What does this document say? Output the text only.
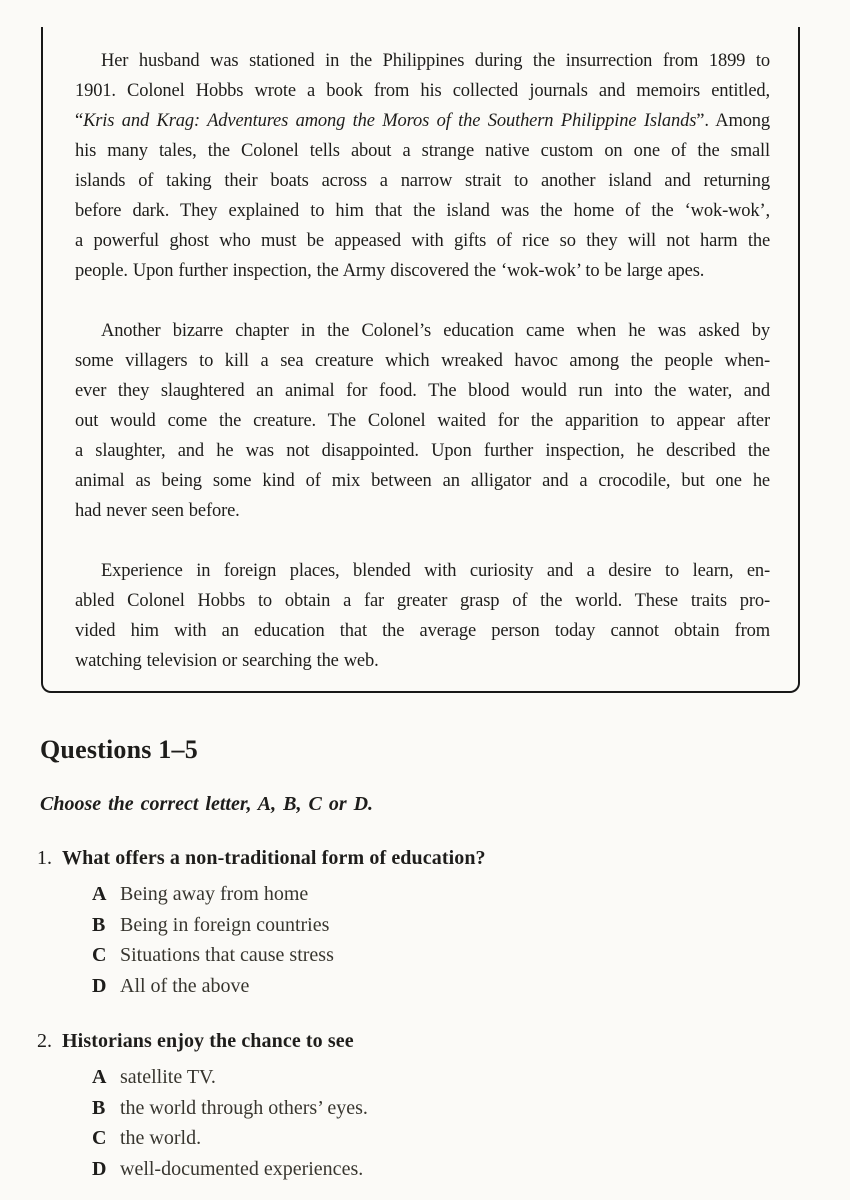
Her husband was stationed in the Philippines during the insurrection from 1899 to
1901. Colonel Hobbs wrote a book from his collected journals and memoirs entitled,
“Kris and Krag: Adventures among the Moros of the Southern Philippine Islands”. Among
his many tales, the Colonel tells about a strange native custom on one of the small
islands of taking their boats across a narrow strait to another island and returning
before dark. They explained to him that the island was the home of the ‘wok-wok’,
a powerful ghost who must be appeased with gifts of rice so they will not harm the
people. Upon further inspection, the Army discovered the ‘wok-wok’ to be large apes.
Another bizarre chapter in the Colonel’s education came when he was asked by
some villagers to kill a sea creature which wreaked havoc among the people when-
ever they slaughtered an animal for food. The blood would run into the water, and
out would come the creature. The Colonel waited for the apparition to appear after
a slaughter, and he was not disappointed. Upon further inspection, he described the
animal as being some kind of mix between an alligator and a crocodile, but one he
had never seen before.
Experience in foreign places, blended with curiosity and a desire to learn, en-
abled Colonel Hobbs to obtain a far greater grasp of the world. These traits pro-
vided him with an education that the average person today cannot obtain from
watching television or searching the web.
Questions 1–5
Choose the correct letter, A, B, C or D.
1. What offers a non-traditional form of education?
A Being away from home
B Being in foreign countries
C Situations that cause stress
D All of the above
2. Historians enjoy the chance to see
A satellite TV.
B the world through others’ eyes.
C the world.
D well-documented experiences.
